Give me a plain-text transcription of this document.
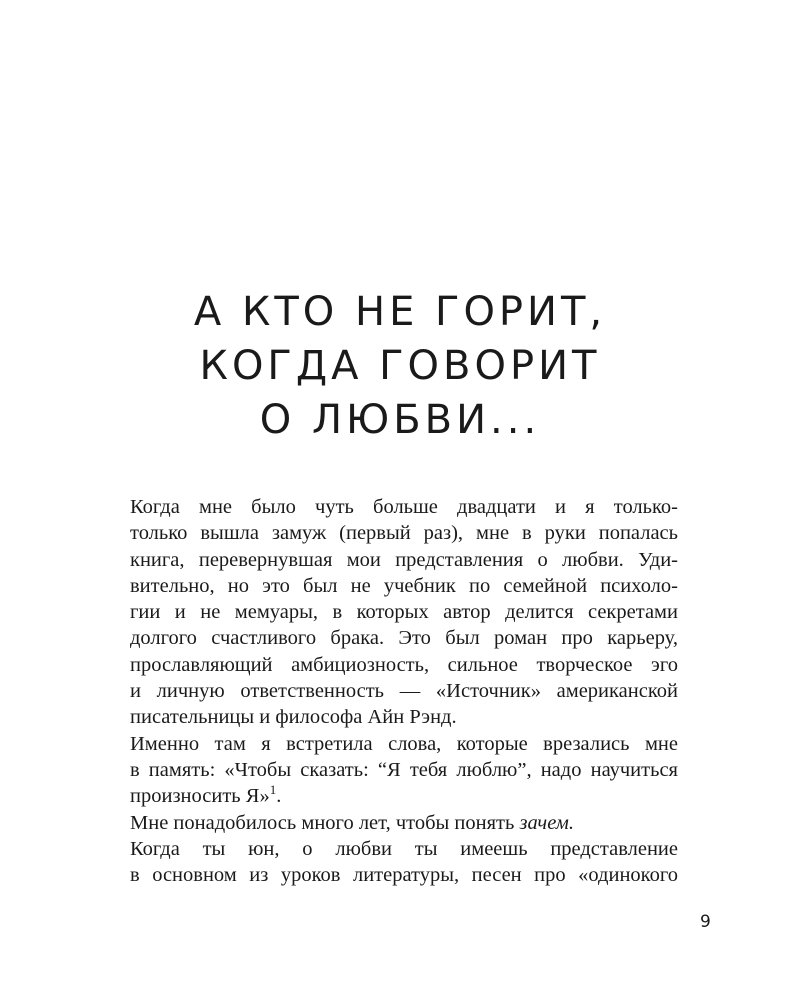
А КТО НЕ ГОРИТ,
КОГДА ГОВОРИТ
О ЛЮБВИ...

Когда мне было чуть больше двадцати и я только-
только вышла замуж (первый раз), мне в руки попалась
книга, перевернувшая мои представления о любви. Уди-
вительно, но это был не учебник по семейной психоло-
гии и не мемуары, в которых автор делится секретами
долгого счастливого брака. Это был роман про карьеру,
прославляющий амбициозность, сильное творческое эго
и личную ответственность — «Источник» американской
писательницы и философа Айн Рэнд.

Именно там я встретила слова, которые врезались мне
в память: «Чтобы сказать: “Я тебя люблю”, надо научиться
произносить Я»$^1$.

Мне понадобилось много лет, чтобы понять зачем.

Когда ты юн, о любви ты имеешь представление
в основном из уроков литературы, песен про «одинокого

9
